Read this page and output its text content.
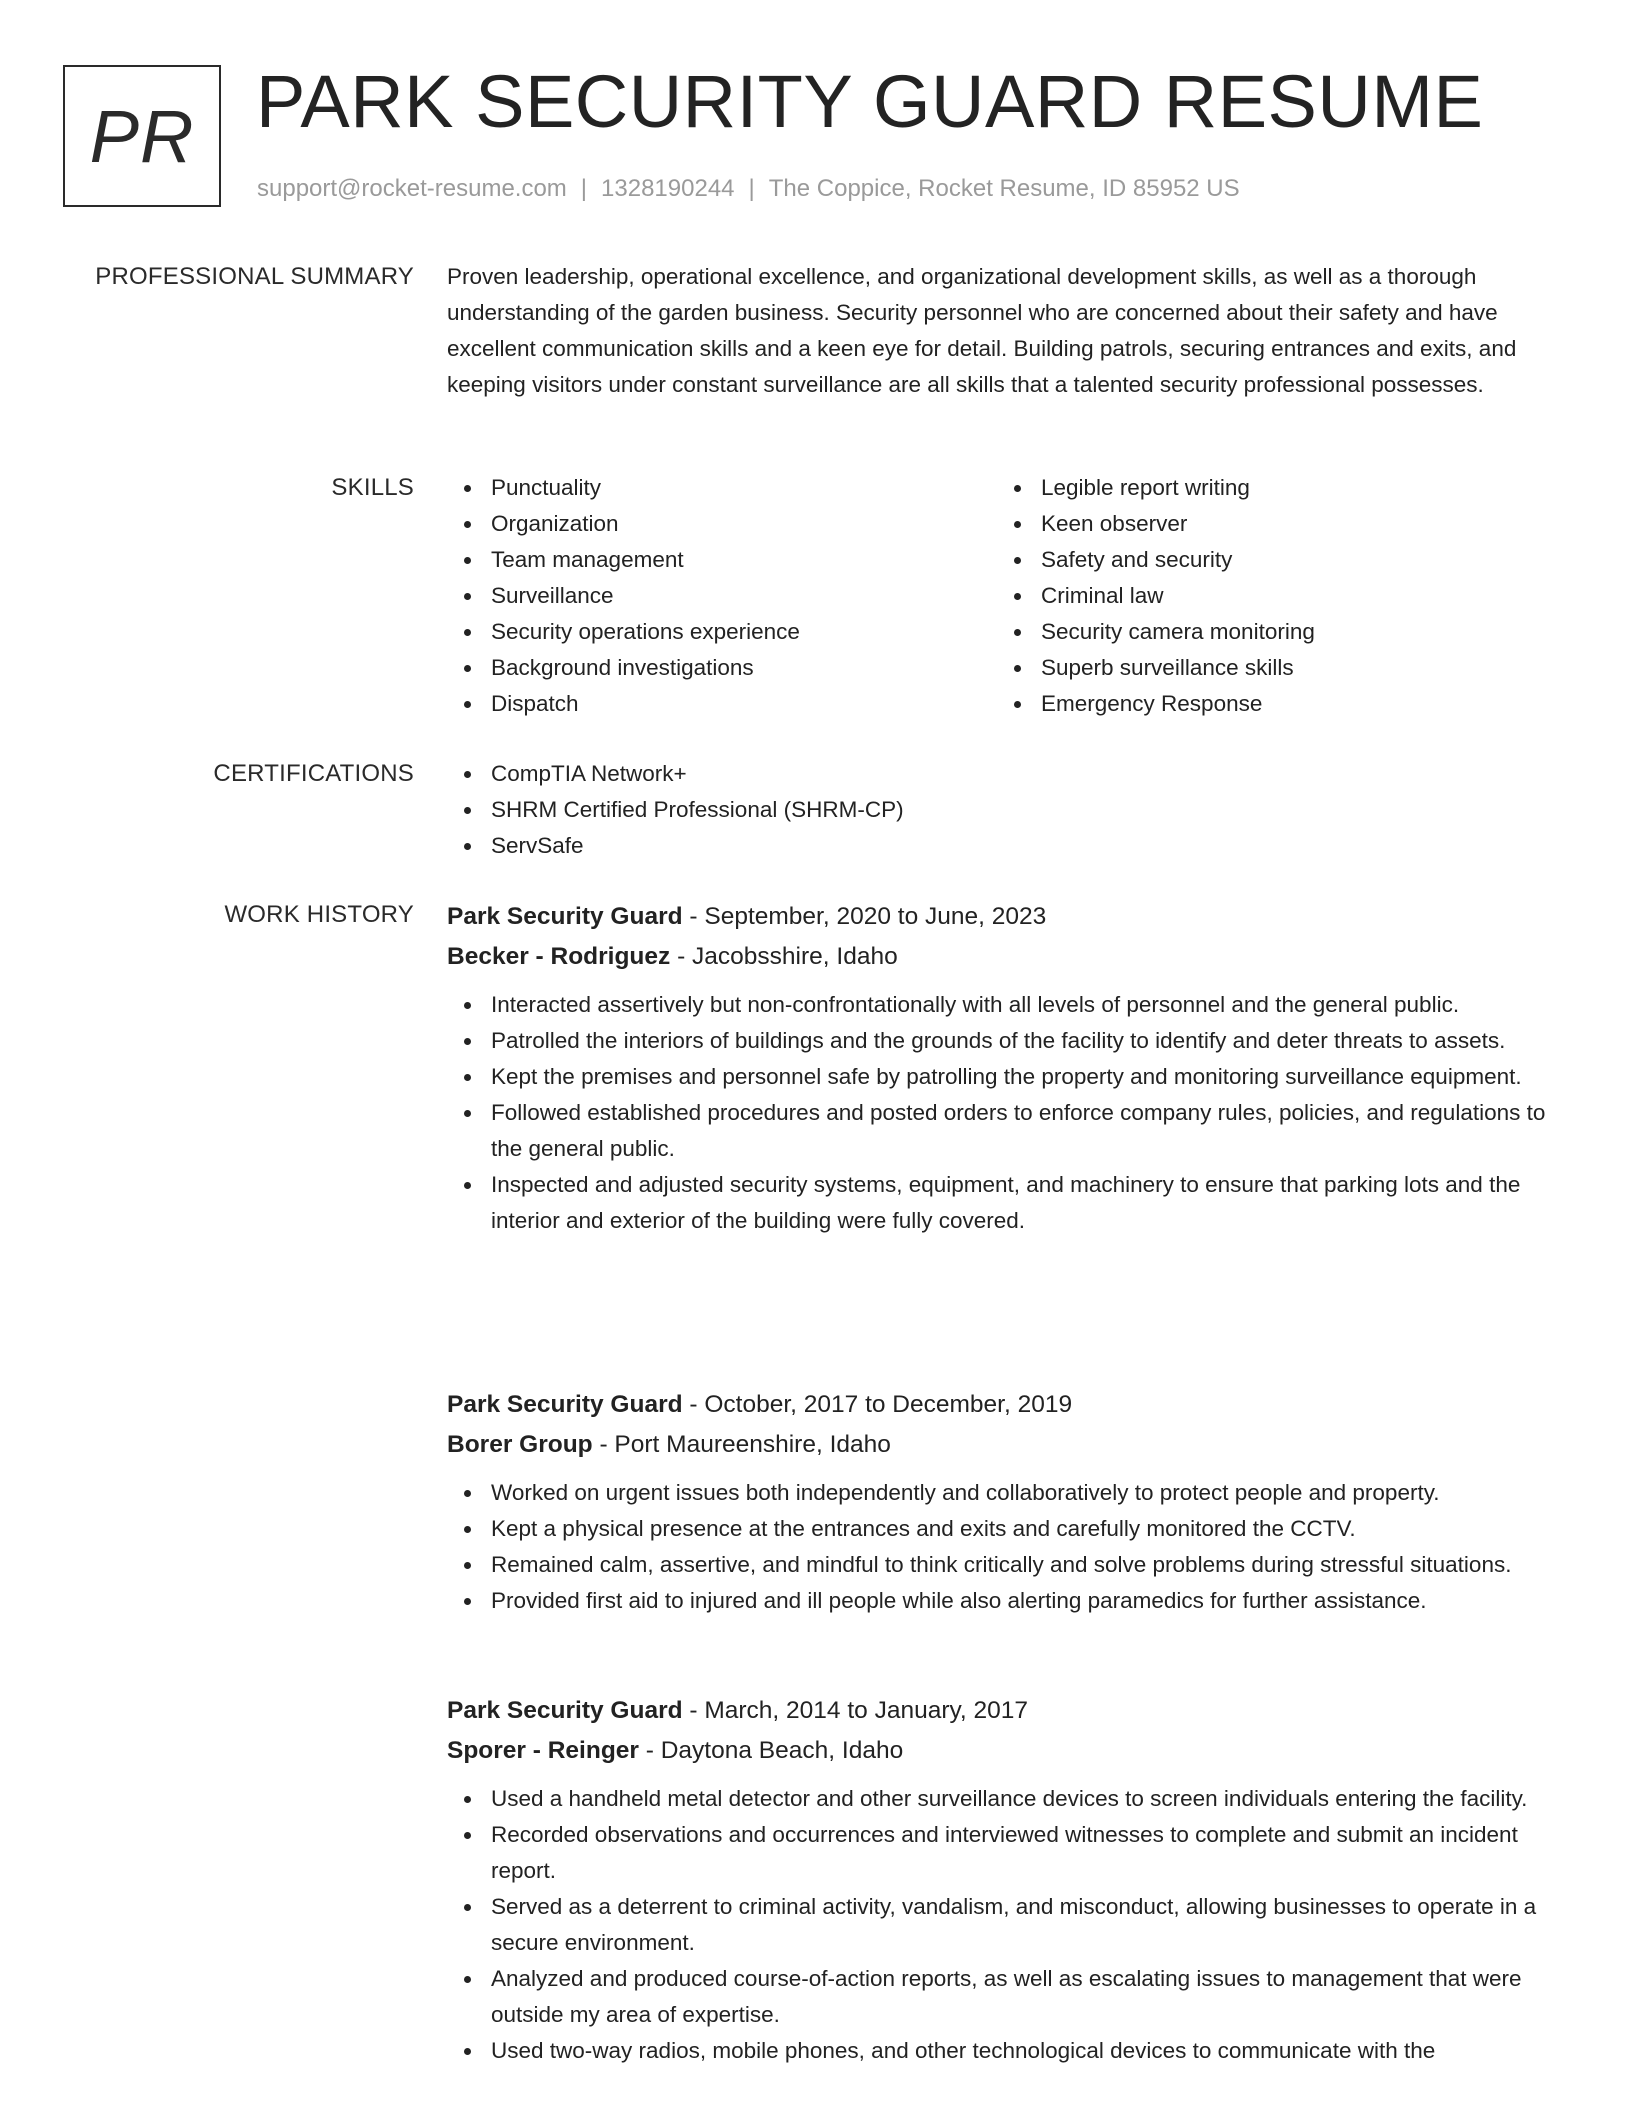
PR PARK SECURITY GUARD RESUME
support@rocket-resume.com | 1328190244 | The Coppice, Rocket Resume, ID 85952 US
PROFESSIONAL SUMMARY Proven leadership, operational excellence, and organizational development skills, as well as a thorough understanding of the garden business. Security personnel who are concerned about their safety and have excellent communication skills and a keen eye for detail. Building patrols, securing entrances and exits, and keeping visitors under constant surveillance are all skills that a talented security professional possesses.

SKILLS	Punctuality
Organization
Team management
Surveillance
Security operations experience
Background investigations
Dispatch
Legible report writing
Keen observer
Safety and security
Criminal law
Security camera monitoring
Superb surveillance skills
Emergency Response
CERTIFICATIONS	CompTIA Network+
SHRM Certified Professional (SHRM-CP)
ServSafe
WORK HISTORY Park Security Guard - September, 2020 to June, 2023
Becker - Rodriguez - Jacobsshire, Idaho
Interacted assertively but non-confrontationally with all levels of personnel and the general public.
Patrolled the interiors of buildings and the grounds of the facility to identify and deter threats to assets.
Kept the premises and personnel safe by patrolling the property and monitoring surveillance equipment.
Followed established procedures and posted orders to enforce company rules, policies, and regulations to the general public.
Inspected and adjusted security systems, equipment, and machinery to ensure that parking lots and the interior and exterior of the building were fully covered.
Park Security Guard - October, 2017 to December, 2019
Borer Group - Port Maureenshire, Idaho
Worked on urgent issues both independently and collaboratively to protect people and property.
Kept a physical presence at the entrances and exits and carefully monitored the CCTV.
Remained calm, assertive, and mindful to think critically and solve problems during stressful situations.
Provided first aid to injured and ill people while also alerting paramedics for further assistance.
Park Security Guard - March, 2014 to January, 2017
Sporer - Reinger - Daytona Beach, Idaho
Used a handheld metal detector and other surveillance devices to screen individuals entering the facility.
Recorded observations and occurrences and interviewed witnesses to complete and submit an incident report.
Served as a deterrent to criminal activity, vandalism, and misconduct, allowing businesses to operate in a secure environment.
Analyzed and produced course-of-action reports, as well as escalating issues to management that were outside my area of expertise.
Used two-way radios, mobile phones, and other technological devices to communicate with the
